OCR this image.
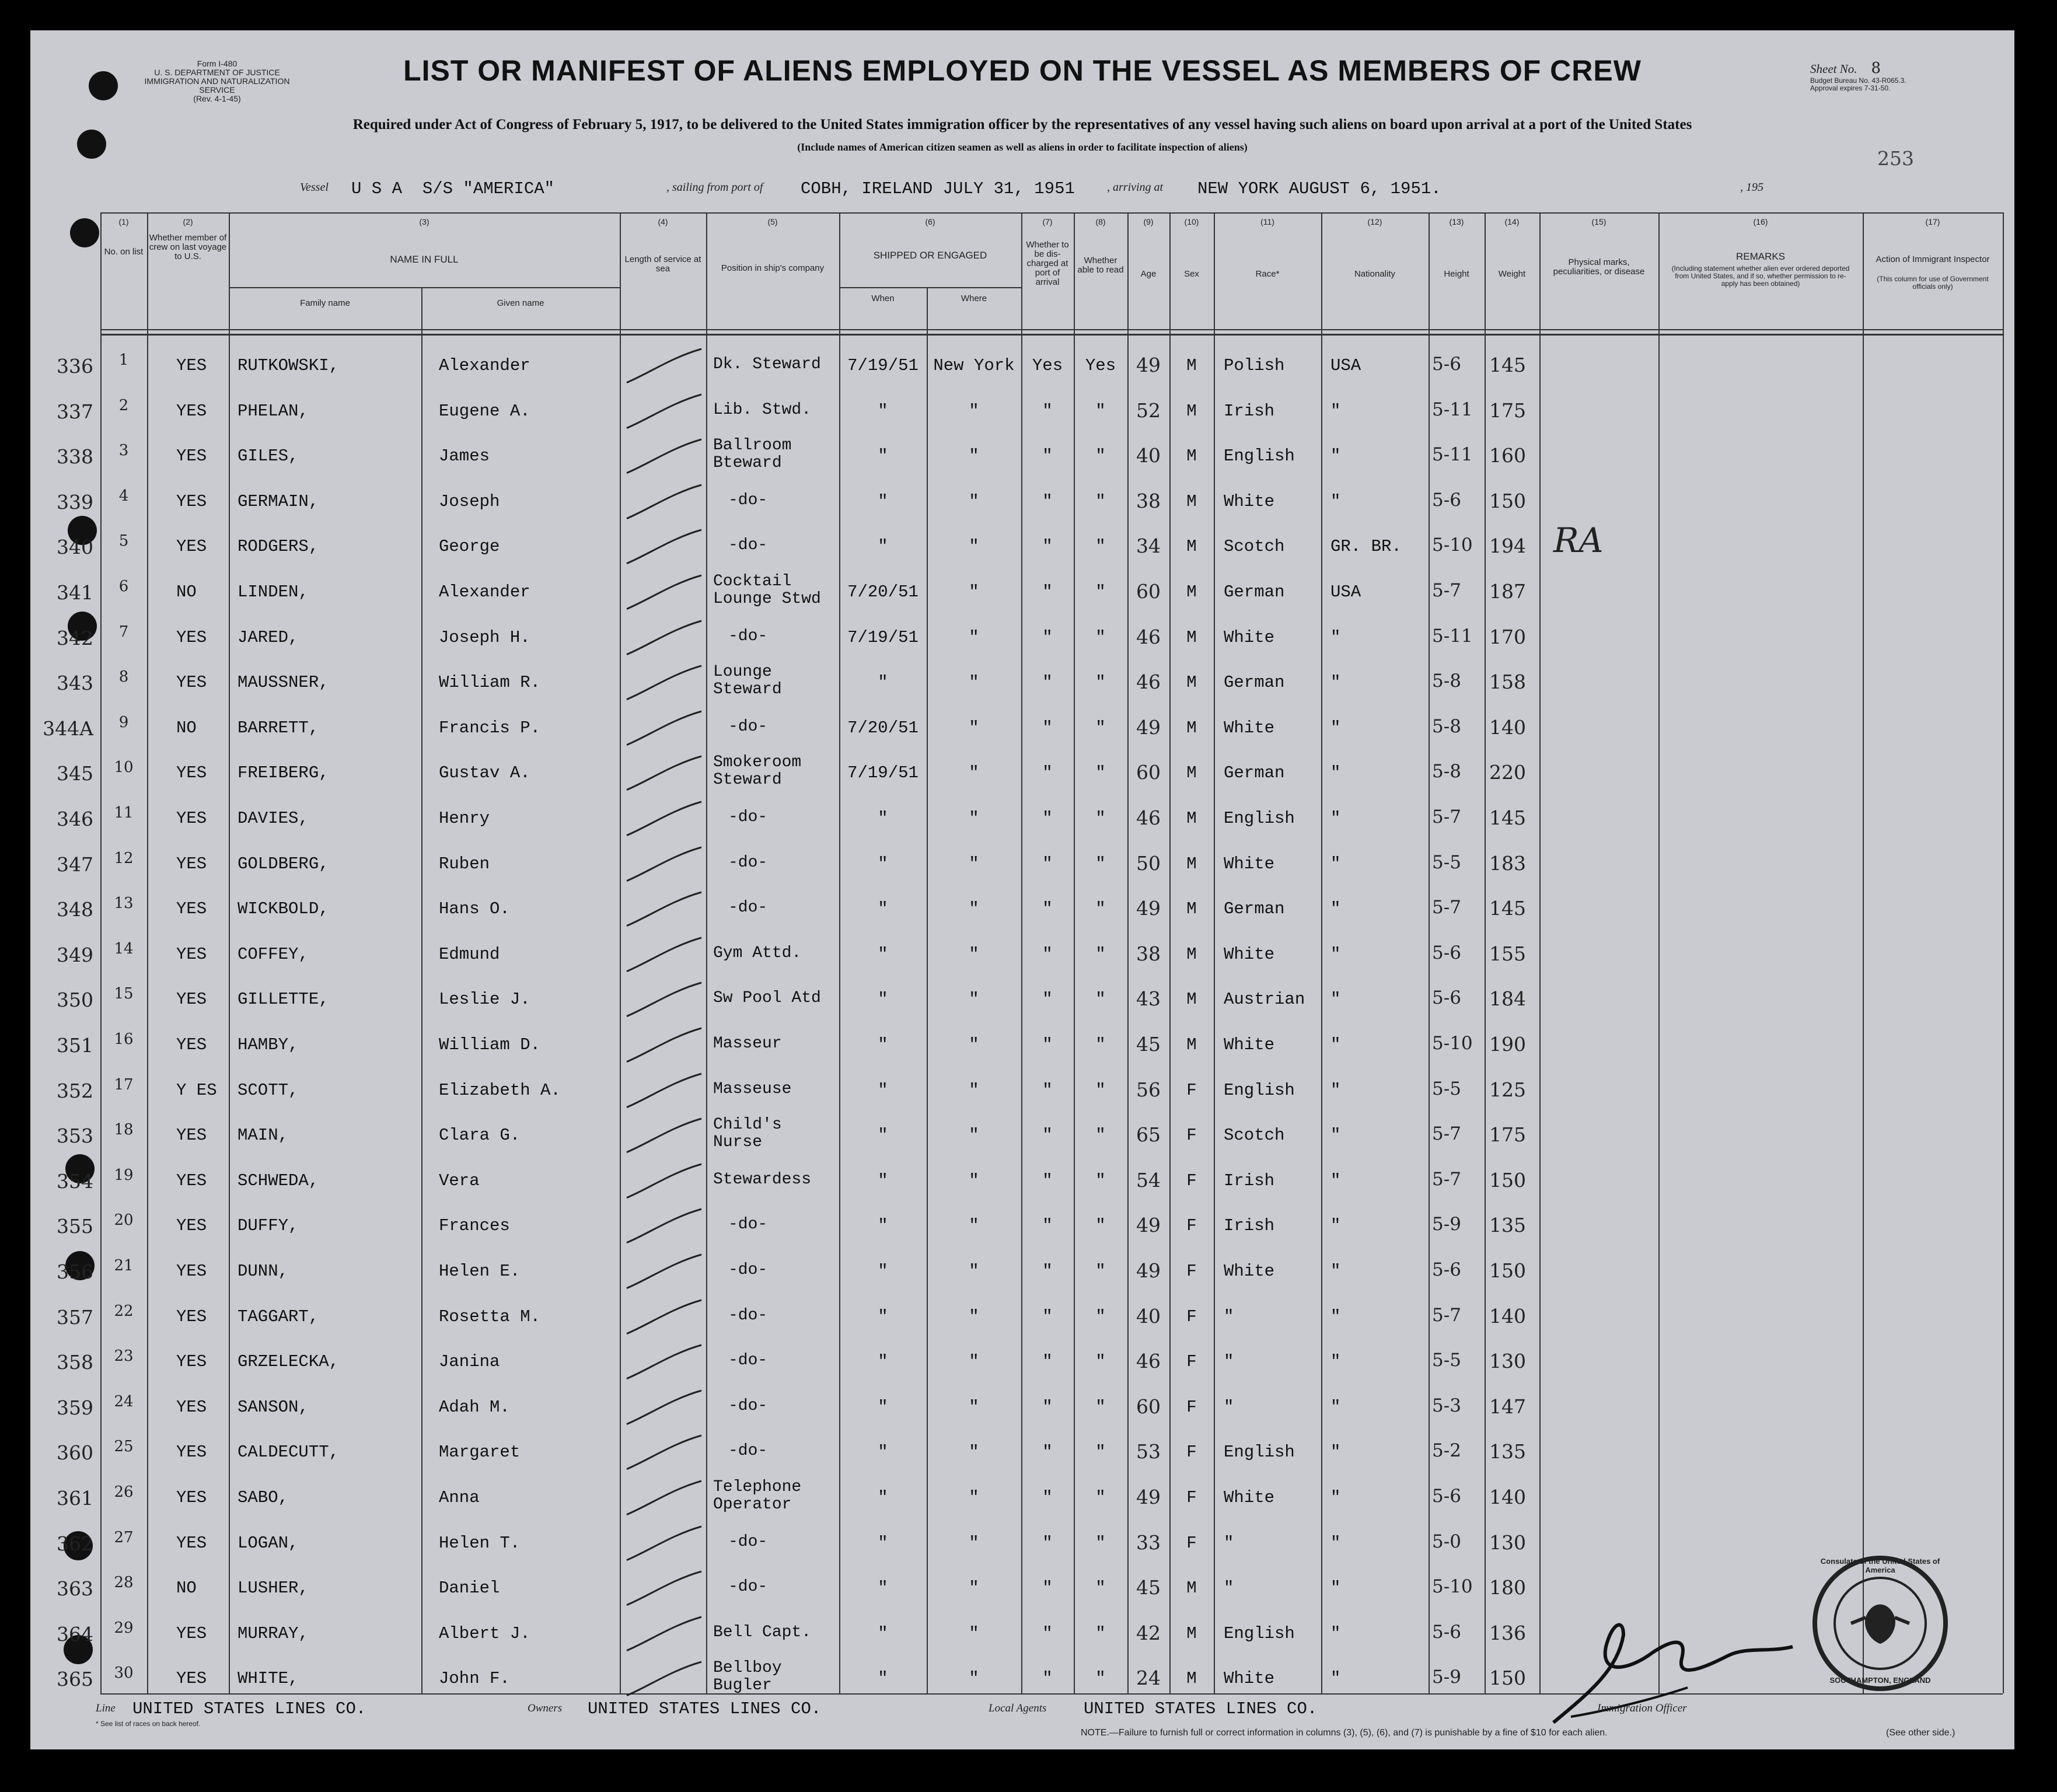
Form I-480
U. S. DEPARTMENT OF JUSTICE
IMMIGRATION AND NATURALIZATION SERVICE
(Rev. 4-1-45)
LIST OR MANIFEST OF ALIENS EMPLOYED ON THE VESSEL AS MEMBERS OF CREW	Sheet No. 8
Budget Bureau No. 43-R065.3.
Approval expires 7-31-50.
253
Required under Act of Congress of February 5, 1917, to be delivered to the United States immigration officer by the representatives of any vessel having such aliens on board upon arrival at a port of the United States
(Include names of American citizen seamen as well as aliens in order to facilitate inspection of aliens)
Vessel U S A  S/S "AMERICA"	, sailing from port of COBH, IRELAND JULY 31, 1951	, arriving at NEW YORK AUGUST 6, 1951.	, 195
(1)
No. on list
(2)
Whether member of crew on last voyage to U.S.
(3)
NAME IN FULL
Family name	Given name
(4)
Length of service at sea
(5)
Position in ship's company
(6)
SHIPPED OR ENGAGED
When	Where
(7)
Whether to be dis-charged at port of arrival
(8)
Whether able to read
(9)
Age
(10)
Sex
(11)
Race*
(12)
Nationality
(13)
Height
(14)
Weight
(15)
Physical marks, peculiarities, or disease
(16)
REMARKS
(Including statement whether alien ever ordered deported from United States, and if so, whether permission to re-apply has been obtained)
(17)
Action of Immigrant Inspector
(This column for use of Government officials only)
336	1	YES	RUTKOWSKI,	Alexander	Dk. Steward	7/19/51 New York	Yes	Yes	49	M	Polish	USA	5-6	145
337	2	YES	PHELAN,	Eugene A.	Lib. Stwd.	"	"	"	"	52	M	Irish	"	5-11 175
338	3	YES	GILES,	James
Ballroom
Bteward	"	"	"	"	40	M	English	"	5-11 160
339	4	YES	GERMAIN,	Joseph	-do-	"	"	"	"	38	M	White	"	5-6	150
340	5	YES	RODGERS,	George	-do-	"	"	"	"	34	M	Scotch	GR. BR.	5-10 194
341	6	NO	LINDEN,	Alexander
Cocktail
Lounge Stwd	7/20/51	"	"	"	60	M	German	USA	5-7	187
342	7	YES	JARED,	Joseph H.	-do-	7/19/51	"	"	"	46	M	White	"	5-11 170
343	8	YES	MAUSSNER,	William R.
Lounge
Steward	"	"	"	"	46	M	German	"	5-8	158
344A	9	NO	BARRETT,	Francis P.	-do-	7/20/51	"	"	"	49	M	White	"	5-8	140
345	10	YES	FREIBERG,	Gustav A.
Smokeroom
Steward	7/19/51	"	"	"	60	M	German	"	5-8	220
346	11	YES	DAVIES,	Henry	-do-	"	"	"	"	46	M	English	"	5-7	145
347	12	YES	GOLDBERG,	Ruben	-do-	"	"	"	"	50	M	White	"	5-5	183
348	13	YES	WICKBOLD,	Hans O.	-do-	"	"	"	"	49	M	German	"	5-7	145
349	14	YES	COFFEY,	Edmund	Gym Attd.	"	"	"	"	38	M	White	"	5-6	155
350	15	YES	GILLETTE,	Leslie J.	Sw Pool Atd	"	"	"	"	43	M	Austrian	"	5-6	184
351	16	YES	HAMBY,	William D.	Masseur	"	"	"	"	45	M	White	"	5-10 190
352	17	Y ES	SCOTT,	Elizabeth A.	Masseuse	"	"	"	"	56	F	English	"	5-5	125
353	18	YES	MAIN,	Clara G.
Child's
Nurse	"	"	"	"	65	F	Scotch	"	5-7	175
354	19	YES	SCHWEDA,	Vera	Stewardess	"	"	"	"	54	F	Irish	"	5-7	150
355	20	YES	DUFFY,	Frances	-do-	"	"	"	"	49	F	Irish	"	5-9	135
356	21	YES	DUNN,	Helen E.	-do-	"	"	"	"	49	F	White	"	5-6	150
357	22	YES	TAGGART,	Rosetta M.	-do-	"	"	"	"	40	F	"	"	5-7	140
358	23	YES	GRZELECKA,	Janina	-do-	"	"	"	"	46	F	"	"	5-5	130
359	24	YES	SANSON,	Adah M.	-do-	"	"	"	"	60	F	"	"	5-3	147
360	25	YES	CALDECUTT,	Margaret	-do-	"	"	"	"	53	F	English	"	5-2	135
361	26	YES	SABO,	Anna
Telephone
Operator	"	"	"	"	49	F	White	"	5-6	140
362	27	YES	LOGAN,	Helen T.	-do-	"	"	"	"	33	F	"	"	5-0	130
363	28	NO	LUSHER,	Daniel	-do-	"	"	"	"	45	M	"	"	5-10 180
364	29	YES	MURRAY,	Albert J.	Bell Capt.	"	"	"	"	42	M	English	"	5-6	136
365	30	YES	WHITE,	John F.
Bellboy
Bugler	"	"	"	"	24	M	White	"	5-9	150
RA
Consulate of the United States of America
SOUTHAMPTON, ENGLAND
Line UNITED STATES LINES CO.	Owners UNITED STATES LINES CO.	Local Agents UNITED STATES LINES CO.	Immigration Officer
* See list of races on back hereof.
NOTE.—Failure to furnish full or correct information in columns (3), (5), (6), and (7) is punishable by a fine of $10 for each alien.	(See other side.)
